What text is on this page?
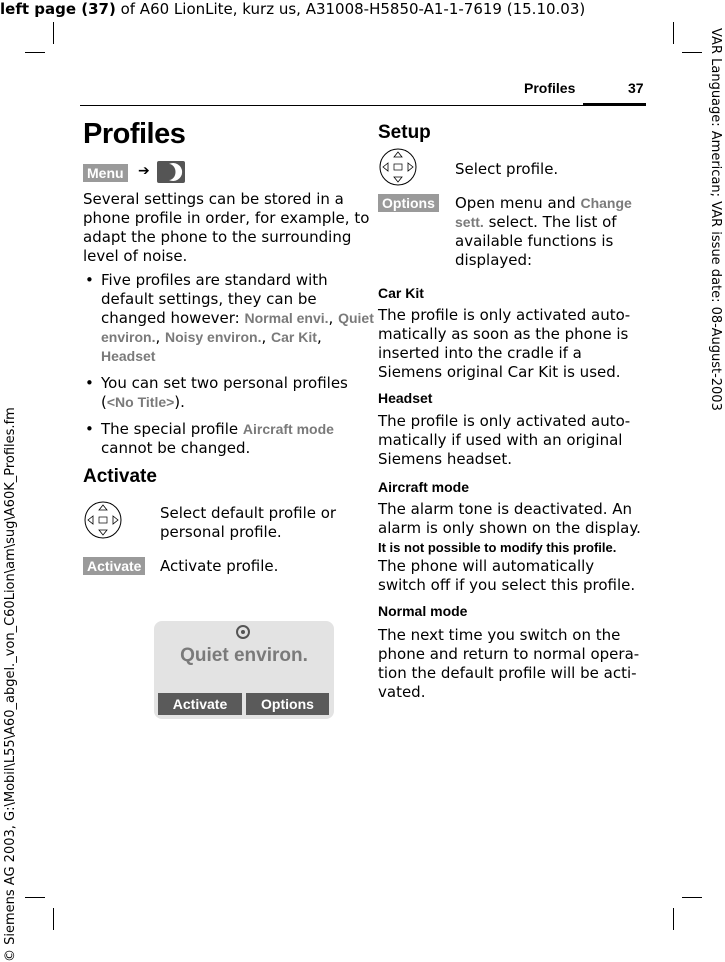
left page (37) of A60 LionLite, kurz us, A31008-H5850-A1-1-7619 (15.10.03)
VAR Language: American; VAR issue date: 08-August-2003
© Siemens AG 2003, G:\Mobil\L55\A60_abgel._von_C60Lion\am\sug\A60K_Profiles.fm
Profiles	37
Profiles
Menu ➔
Several settings can be stored in a phone profile in order, for example, to adapt the phone to the surrounding level of noise.
• Five profiles are standard with default settings, they can be changed however: Normal envi., Quiet environ., Noisy environ., Car Kit, Headset
• You can set two personal profiles (<No Title>).
• The special profile Aircraft mode cannot be changed.
Activate
Select default profile or personal profile.
Activate Activate profile.
Quiet environ.
Activate	Options
Setup
Select profile.
Options Open menu and Change sett. select. The list of available functions is displayed:
Car Kit
The profile is only activated automatically as soon as the phone is inserted into the cradle if a Siemens original Car Kit is used.
Headset
The profile is only activated automatically if used with an original Siemens headset.
Aircraft mode
The alarm tone is deactivated. An alarm is only shown on the display.
It is not possible to modify this profile.
The phone will automatically switch off if you select this profile.
Normal mode
The next time you switch on the phone and return to normal operation the default profile will be activated.
